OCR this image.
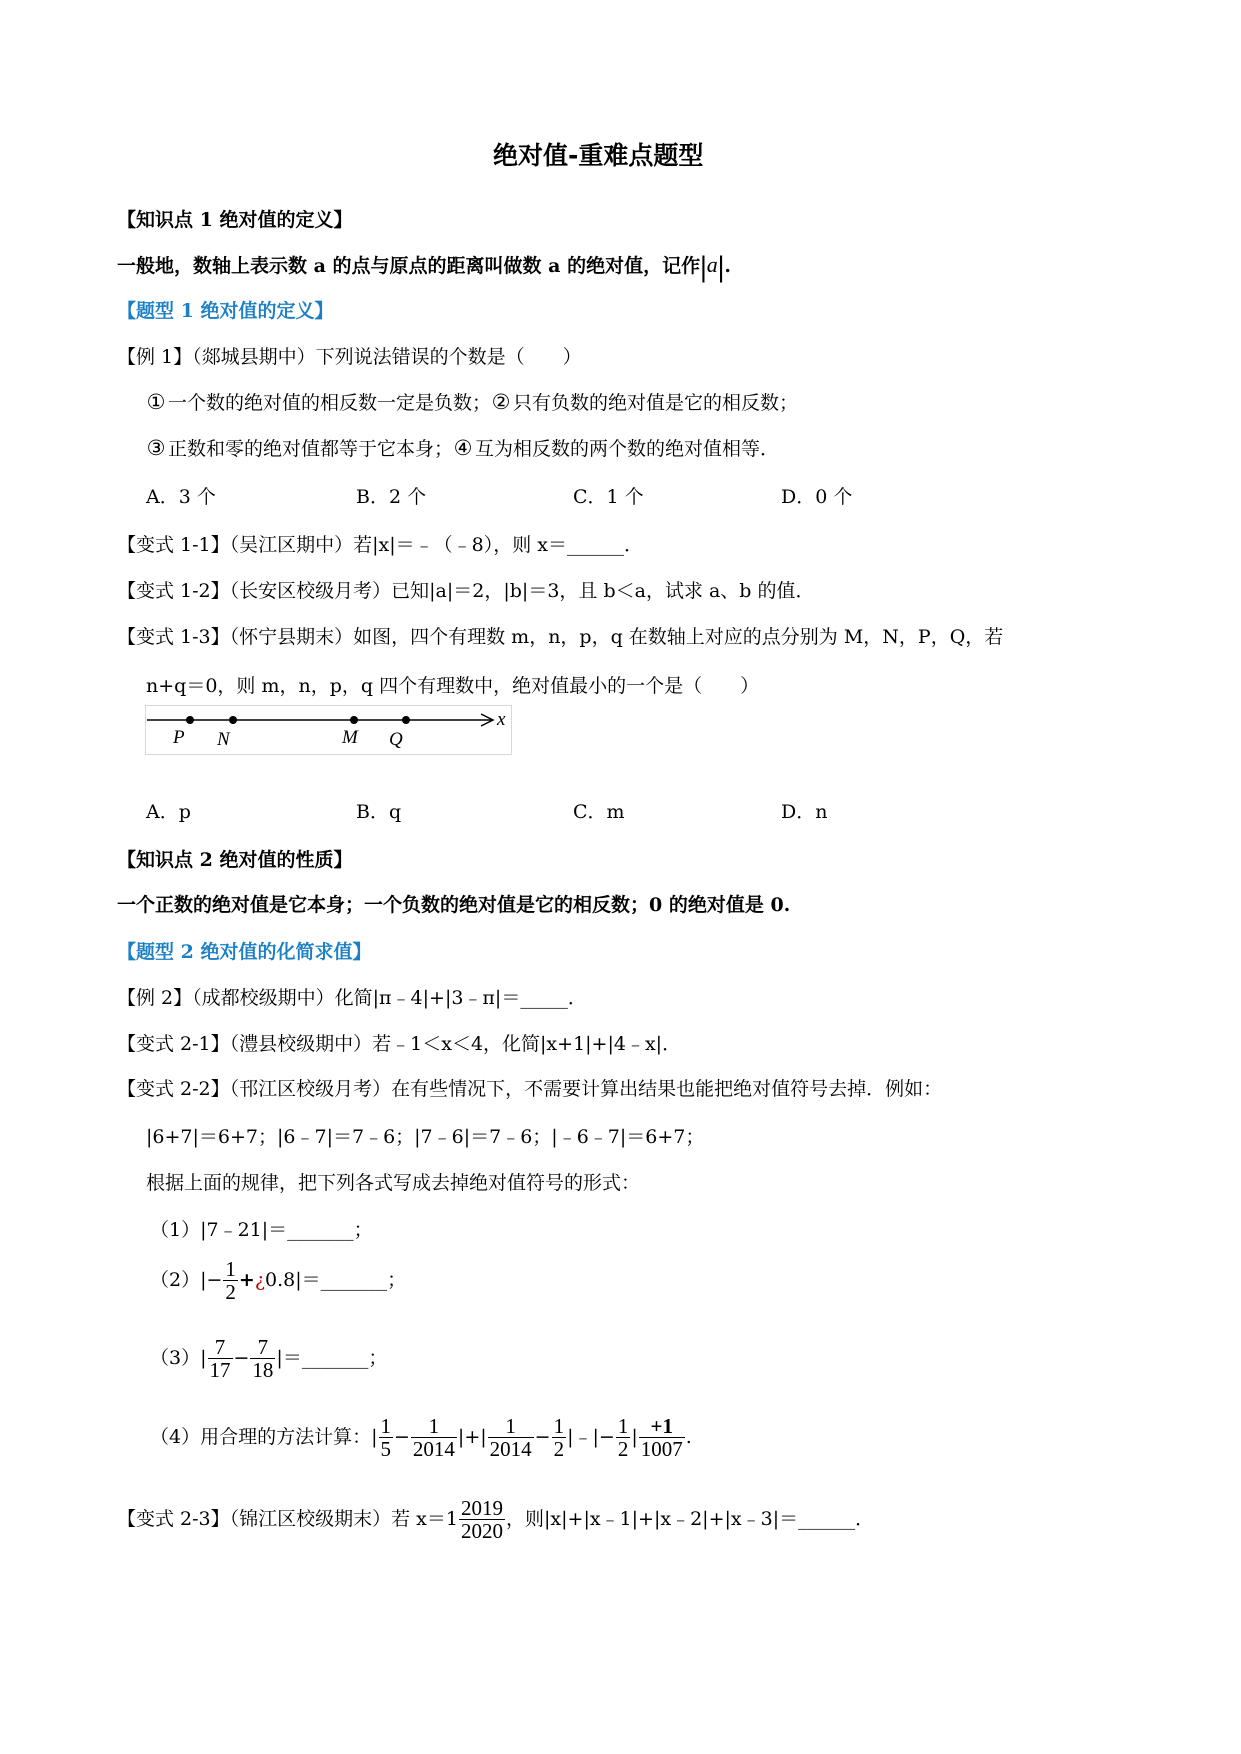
绝对值-重难点题型
【知识点 1 绝对值的定义】
一般地，数轴上表示数 a 的点与原点的距离叫做数 a 的绝对值，记作|a|.
【题型 1 绝对值的定义】
【例 1】（郯城县期中）下列说法错误的个数是（　　）
① 一个数的绝对值的相反数一定是负数；② 只有负数的绝对值是它的相反数；
③ 正数和零的绝对值都等于它本身；④ 互为相反数的两个数的绝对值相等．
A．3 个	B．2 个	C．1 个	D．0 个
【变式 1-1】（吴江区期中）若|x|＝﹣（﹣8），则 x＝______．
【变式 1-2】（长安区校级月考）已知|a|＝2，|b|＝3，且 b＜a，试求 a、b 的值．
【变式 1-3】（怀宁县期末）如图，四个有理数 m，n，p，q 在数轴上对应的点分别为 M，N，P，Q，若
n+q＝0，则 m，n，p，q 四个有理数中，绝对值最小的一个是（　　）
P N	M Q
x
A．p	B．q	C．m	D．n
【知识点 2 绝对值的性质】
一个正数的绝对值是它本身；一个负数的绝对值是它的相反数；0 的绝对值是 0.
【题型 2 绝对值的化简求值】
【例 2】（成都校级期中）化简|π﹣4|+|3﹣π|＝_____．
【变式 2-1】（澧县校级期中）若﹣1＜x＜4，化简|x+1|+|4﹣x|．
【变式 2-2】（邗江区校级月考）在有些情况下，不需要计算出结果也能把绝对值符号去掉．例如：
|6+7|＝6+7；|6﹣7|＝7﹣6；|7﹣6|＝7﹣6；|﹣6﹣7|＝6+7；
根据上面的规律，把下列各式写成去掉绝对值符号的形式：
（1）|7﹣21|＝_______；
$(2)|- \frac{1}{2}$ +¿0.8|＝_______；
$(3)| \frac{7}{17} - \frac{7}{18}$ |＝_______；
（4）用合理的方法计算：| $\frac{1}{5} - \frac{1}{2014}$ |+| $\frac{1}{2014} - \frac{1}{2}$ |﹣|− $\frac{1}{2}$ | $\frac{+1}{1007}$ .
【变式 2-3】（锦江区校级期末）若 $x=1 \frac{2019}{2020}$ ，则|x|+|x﹣1|+|x﹣2|+|x﹣3|＝______．
